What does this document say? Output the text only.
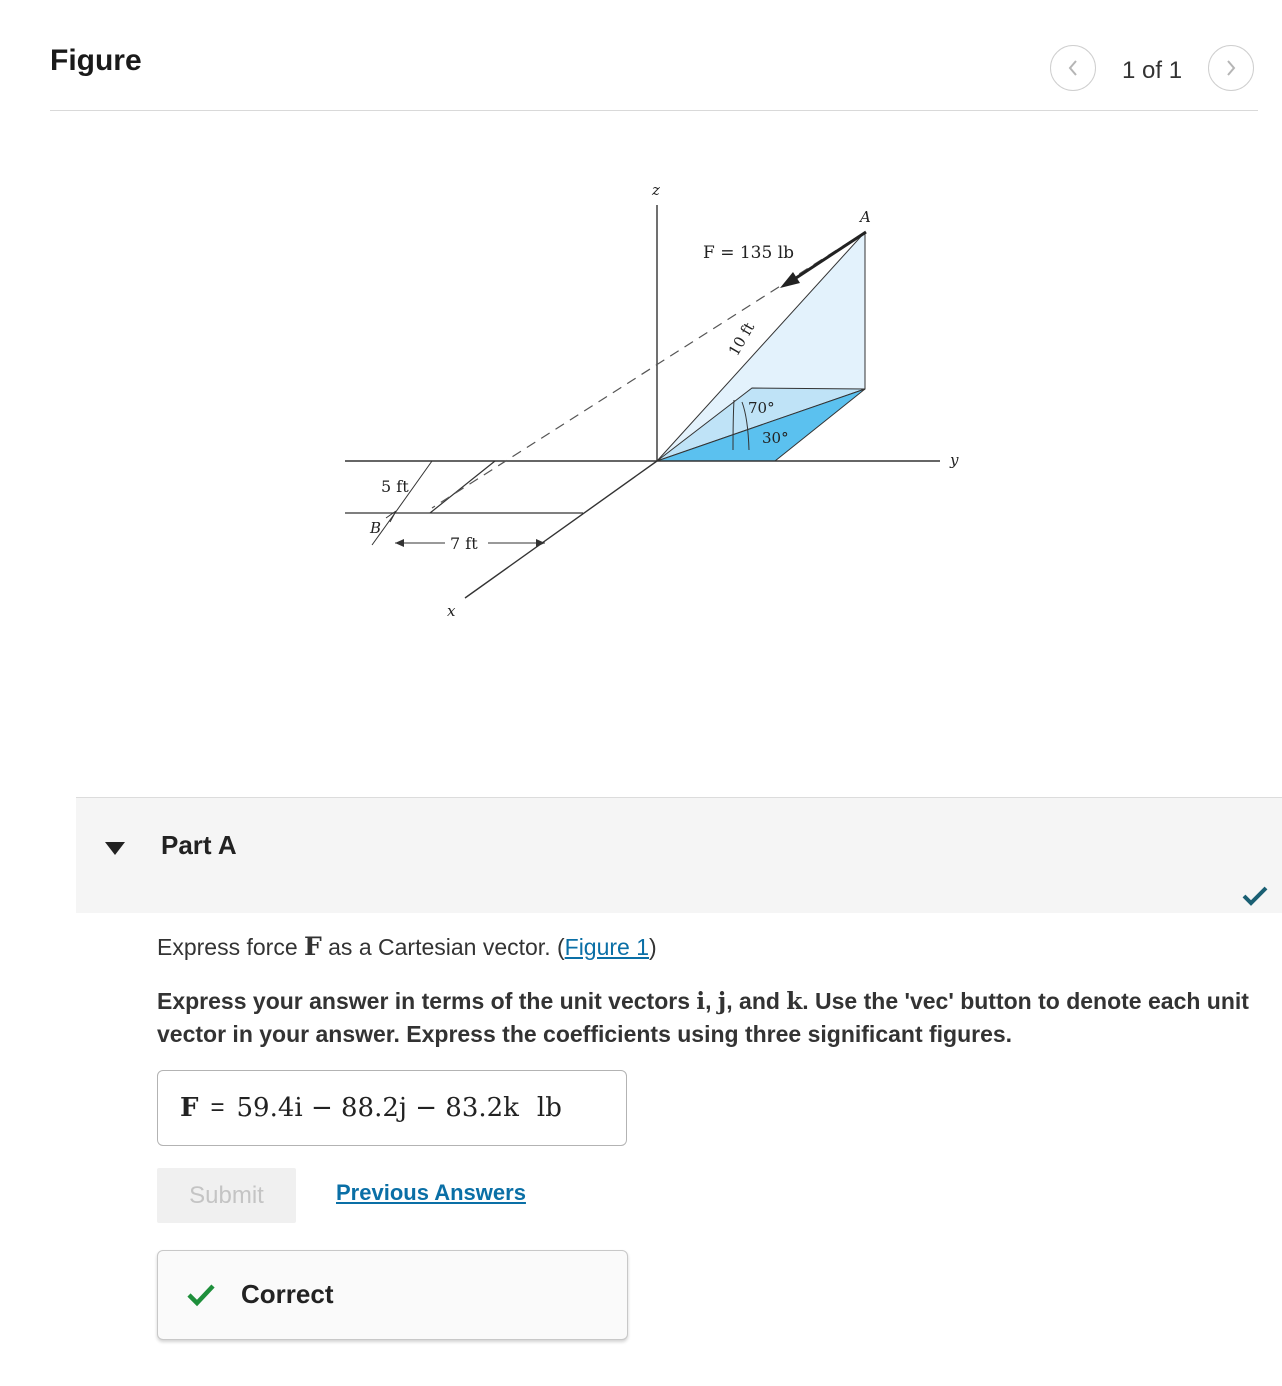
Figure	1 of 1
z
y
x
A
B
F = 135 lb
10 ft
70°
30°
5 ft
7 ft
Part A
Express force F as a Cartesian vector. (Figure 1)
Express your answer in terms of the unit vectors i, j, and k. Use the 'vec' button to denote each unit vector in your answer. Express the coefficients using three significant figures.
F = 59.4i − 88.2j − 83.2k lb
Submit	Previous Answers
Correct
